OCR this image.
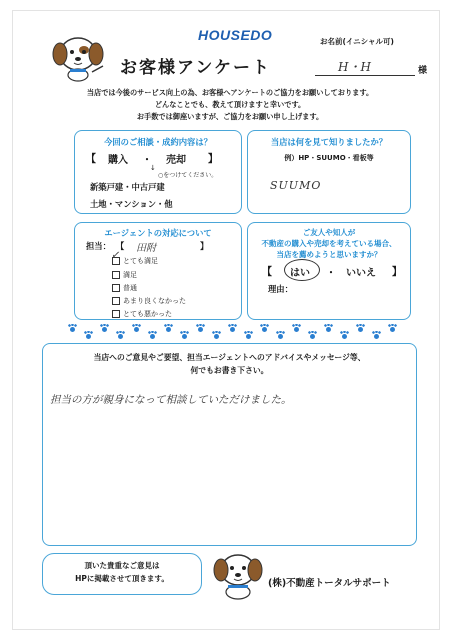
HOUSEDO	お名前(イニシャル可)
お客様アンケート	H・H	様
当店では今後のサービス向上の為、お客様へアンケートのご協力をお願いしております。
どんなことでも、教えて頂けますと幸いです。
お手数では御座いますが、ご協力をお願い申し上げます。
今回のご相談・成約内容は？
【 購入 ・ 売却 】
○をつけてください。
↓
新築戸建・中古戸建
土地・マンション・他
当店は何を見て知りましたか？
例）HP・SUUMO・看板等
SUUMO
エージェントの対応について
担当： 【 田附	】
とても満足
✓
満足
普通
あまり良くなかった
とても悪かった
ご友人や知人が
不動産の購入や売却を考えている場合、
当店を薦めようと思いますか？
【 はい ・ いいえ 】
理由：
当店へのご意見やご要望、担当エージェントへのアドバイスやメッセージ等、
何でもお書き下さい。
担当の方が親身になって相談していただけました。
頂いた貴重なご意見は
HPに掲載させて頂きます。	(株)不動産トータルサポート
